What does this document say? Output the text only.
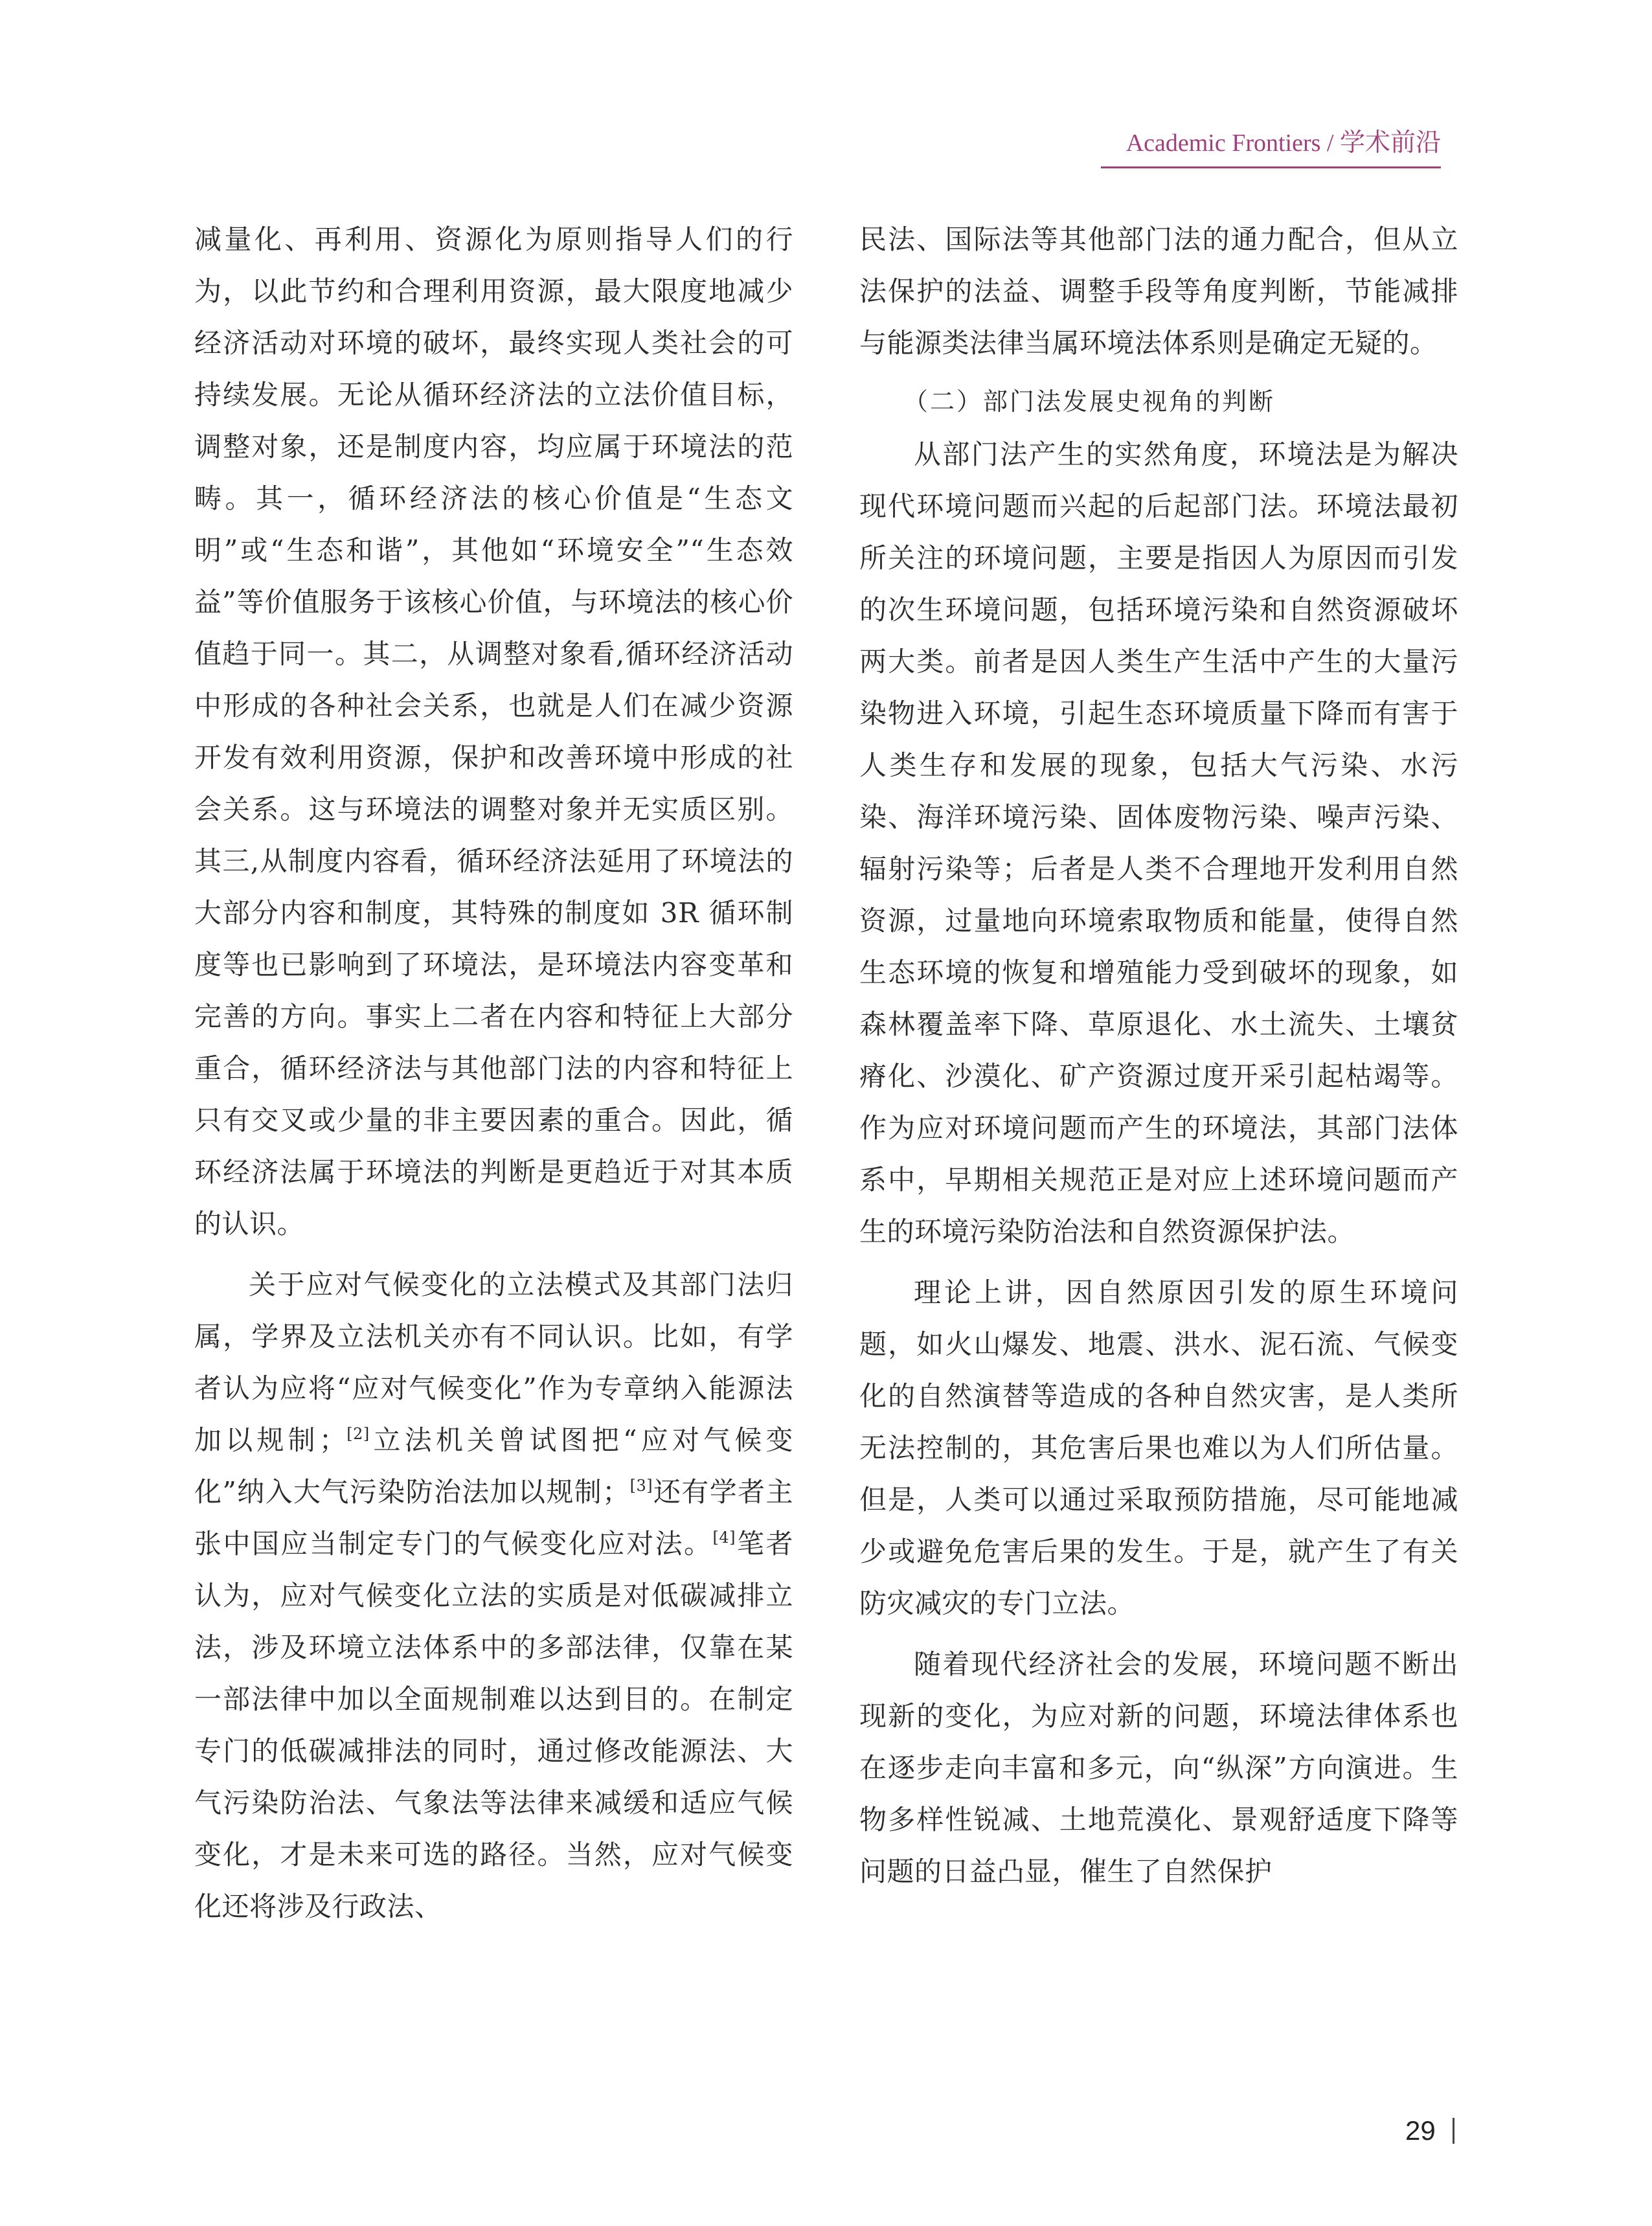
Academic Frontiers / 学术前沿

减量化、再利用、资源化为原则指导人们的行为，以此节约和合理利用资源，最大限度地减少经济活动对环境的破坏，最终实现人类社会的可持续发展。无论从循环经济法的立法价值目标，调整对象，还是制度内容，均应属于环境法的范畴。其一，循环经济法的核心价值是“生态文明”或“生态和谐”，其他如“环境安全”“生态效益”等价值服务于该核心价值，与环境法的核心价值趋于同一。其二，从调整对象看,循环经济活动中形成的各种社会关系，也就是人们在减少资源开发有效利用资源，保护和改善环境中形成的社会关系。这与环境法的调整对象并无实质区别。其三,从制度内容看，循环经济法延用了环境法的大部分内容和制度，其特殊的制度如 3R 循环制度等也已影响到了环境法，是环境法内容变革和完善的方向。事实上二者在内容和特征上大部分重合，循环经济法与其他部门法的内容和特征上只有交叉或少量的非主要因素的重合。因此，循环经济法属于环境法的判断是更趋近于对其本质的认识。

关于应对气候变化的立法模式及其部门法归属，学界及立法机关亦有不同认识。比如，有学者认为应将“应对气候变化”作为专章纳入能源法加以规制；[2]立法机关曾试图把“应对气候变化”纳入大气污染防治法加以规制；[3]还有学者主张中国应当制定专门的气候变化应对法。[4]笔者认为，应对气候变化立法的实质是对低碳减排立法，涉及环境立法体系中的多部法律，仅靠在某一部法律中加以全面规制难以达到目的。在制定专门的低碳减排法的同时，通过修改能源法、大气污染防治法、气象法等法律来减缓和适应气候变化，才是未来可选的路径。当然，应对气候变化还将涉及行政法、

民法、国际法等其他部门法的通力配合，但从立法保护的法益、调整手段等角度判断，节能减排与能源类法律当属环境法体系则是确定无疑的。

（二）部门法发展史视角的判断

从部门法产生的实然角度，环境法是为解决现代环境问题而兴起的后起部门法。环境法最初所关注的环境问题，主要是指因人为原因而引发的次生环境问题，包括环境污染和自然资源破坏两大类。前者是因人类生产生活中产生的大量污染物进入环境，引起生态环境质量下降而有害于人类生存和发展的现象，包括大气污染、水污染、海洋环境污染、固体废物污染、噪声污染、辐射污染等；后者是人类不合理地开发利用自然资源，过量地向环境索取物质和能量，使得自然生态环境的恢复和增殖能力受到破坏的现象，如森林覆盖率下降、草原退化、水土流失、土壤贫瘠化、沙漠化、矿产资源过度开采引起枯竭等。作为应对环境问题而产生的环境法，其部门法体系中，早期相关规范正是对应上述环境问题而产生的环境污染防治法和自然资源保护法。

理论上讲，因自然原因引发的原生环境问题，如火山爆发、地震、洪水、泥石流、气候变化的自然演替等造成的各种自然灾害，是人类所无法控制的，其危害后果也难以为人们所估量。但是，人类可以通过采取预防措施，尽可能地减少或避免危害后果的发生。于是，就产生了有关防灾减灾的专门立法。

随着现代经济社会的发展，环境问题不断出现新的变化，为应对新的问题，环境法律体系也在逐步走向丰富和多元，向“纵深”方向演进。生物多样性锐减、土地荒漠化、景观舒适度下降等问题的日益凸显，催生了自然保护

29
